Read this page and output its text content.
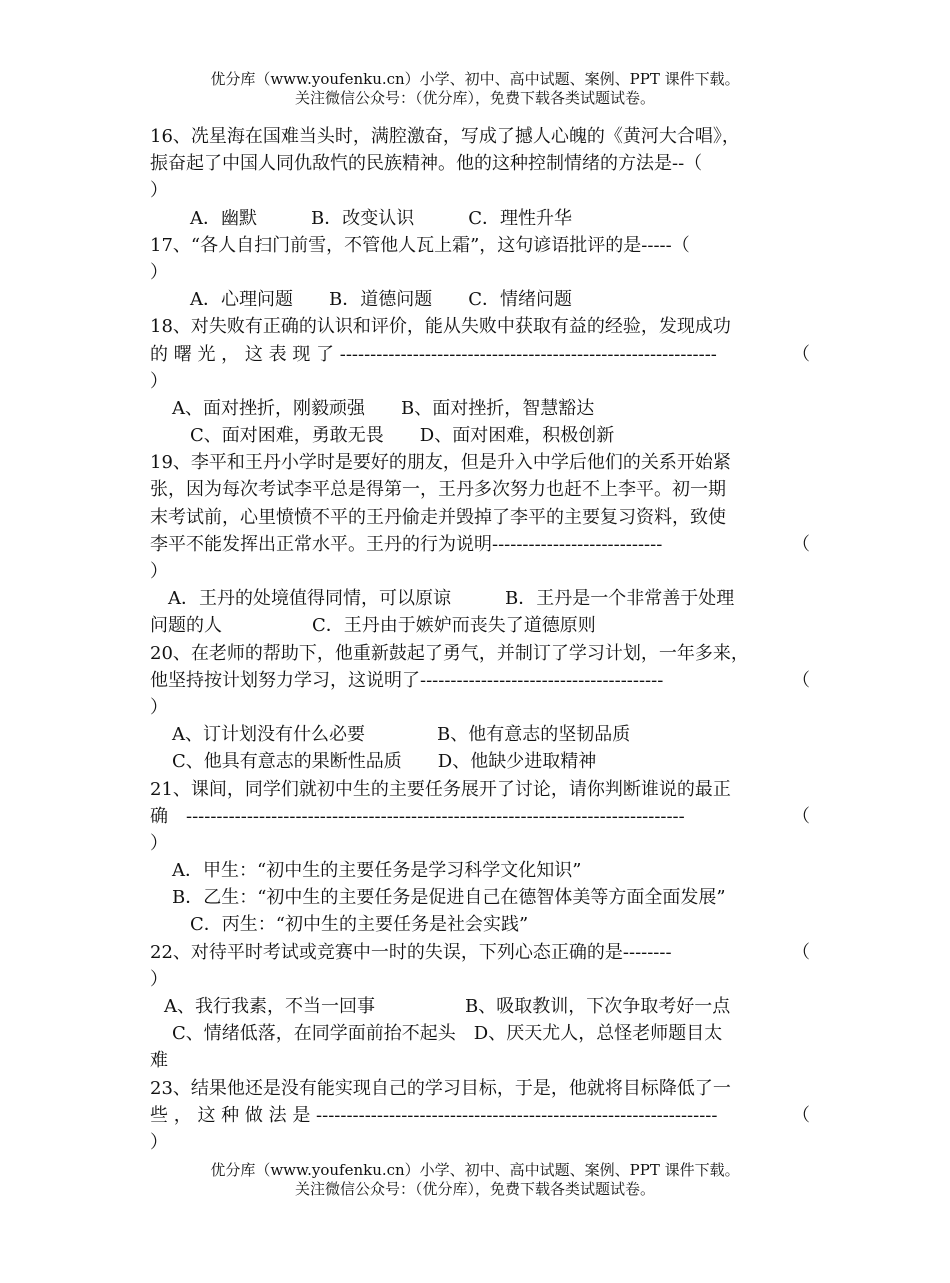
优分库（www.youfenku.cn）小学、初中、高中试题、案例、PPT 课件下载。
关注微信公众号：（优分库），免费下载各类试题试卷。
16、冼星海在国难当头时，满腔激奋，写成了撼人心魄的《黄河大合唱》，
振奋起了中国人同仇敌忾的民族精神。他的这种控制情绪的方法是--（
）
A．幽默　　　B．改变认识　　　C．理性升华
17、“各人自扫门前雪，不管他人瓦上霜”，这句谚语批评的是-----（
）
A．心理问题　　B．道德问题　　C．情绪问题
18、对失败有正确的认识和评价，能从失败中获取有益的经验，发现成功
的 曙 光 ， 这 表 现 了 --------------------------------------------------------------	（
）
A、面对挫折，刚毅顽强　　B、面对挫折，智慧豁达
C、面对困难，勇敢无畏　　D、面对困难，积极创新
19、李平和王丹小学时是要好的朋友，但是升入中学后他们的关系开始紧
张，因为每次考试李平总是得第一，王丹多次努力也赶不上李平。初一期
末考试前，心里愤愤不平的王丹偷走并毁掉了李平的主要复习资料，致使
李平不能发挥出正常水平。王丹的行为说明----------------------------	（
）
A．王丹的处境值得同情，可以原谅　　　B．王丹是一个非常善于处理
问题的人　　　　　C．王丹由于嫉妒而丧失了道德原则
20、在老师的帮助下，他重新鼓起了勇气，并制订了学习计划，一年多来，
他坚持按计划努力学习，这说明了----------------------------------------	（
）
A、订计划没有什么必要　　　　B、他有意志的坚韧品质
C、他具有意志的果断性品质　　D、他缺少进取精神
21、课间，同学们就初中生的主要任务展开了讨论，请你判断谁说的最正
确　----------------------------------------------------------------------------------	（
）
A．甲生：“初中生的主要任务是学习科学文化知识”
B．乙生：“初中生的主要任务是促进自己在德智体美等方面全面发展”
C．丙生：“初中生的主要任务是社会实践”
22、对待平时考试或竞赛中一时的失误，下列心态正确的是--------	（
）
A、我行我素，不当一回事　　　　　B、吸取教训，下次争取考好一点
C、情绪低落，在同学面前抬不起头　D、厌天尤人，总怪老师题目太
难
23、结果他还是没有能实现自己的学习目标，于是，他就将目标降低了一
些 ， 这 种 做 法 是 ------------------------------------------------------------------	（
）
优分库（www.youfenku.cn）小学、初中、高中试题、案例、PPT 课件下载。
关注微信公众号：（优分库），免费下载各类试题试卷。
